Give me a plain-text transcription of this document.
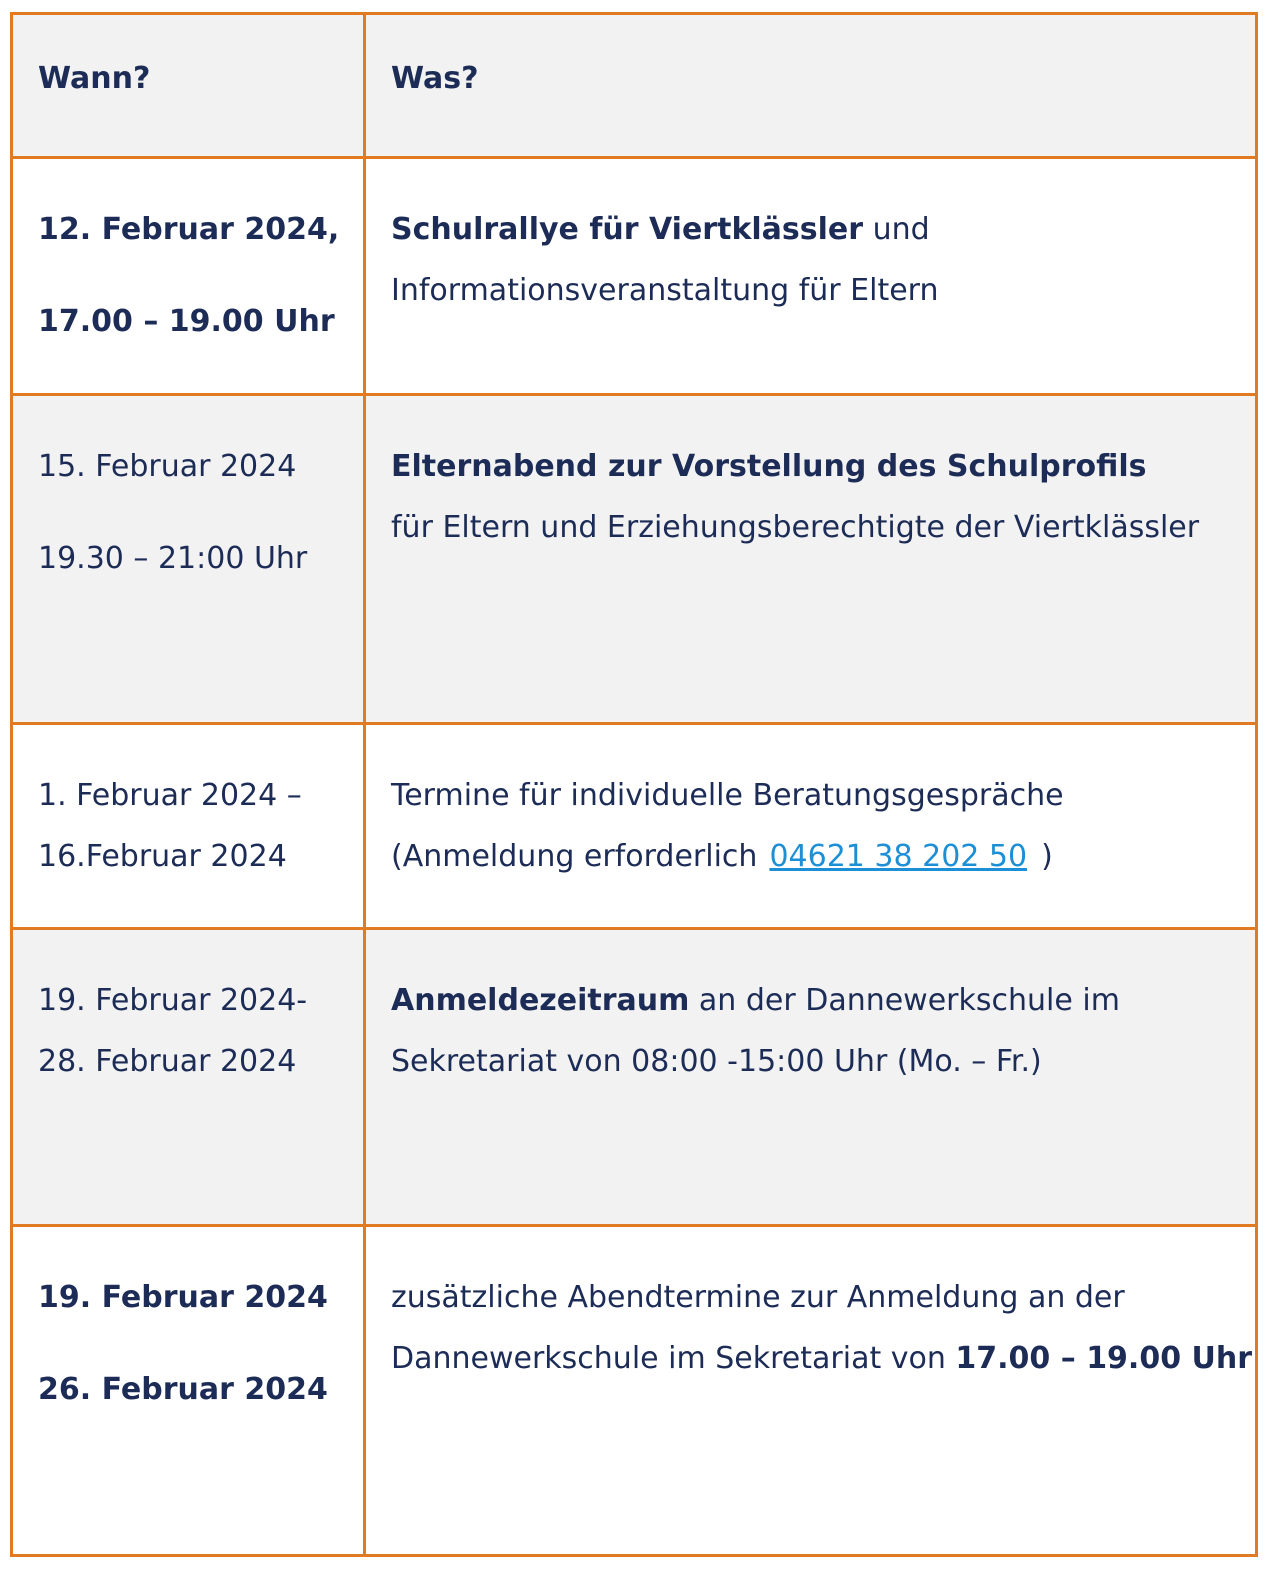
Wann?	Was?

12. Februar 2024,
17.00 – 19.00 Uhr	Schulrallye für Viertklässler und Informationsveranstaltung für Eltern

15. Februar 2024
19.30 – 21:00 Uhr	Elternabend zur Vorstellung des Schulprofils
für Eltern und Erziehungsberechtigte der Viertklässler

1. Februar 2024 –
16.Februar 2024	Termine für individuelle Beratungsgespräche (Anmeldung erforderlich 04621 38 202 50 )

19. Februar 2024-
28. Februar 2024	Anmeldezeitraum an der Dannewerkschule im Sekretariat von 08:00 -15:00 Uhr (Mo. – Fr.)

19. Februar 2024
26. Februar 2024	zusätzliche Abendtermine zur Anmeldung an der Dannewerkschule im Sekretariat von 17.00 – 19.00 Uhr
